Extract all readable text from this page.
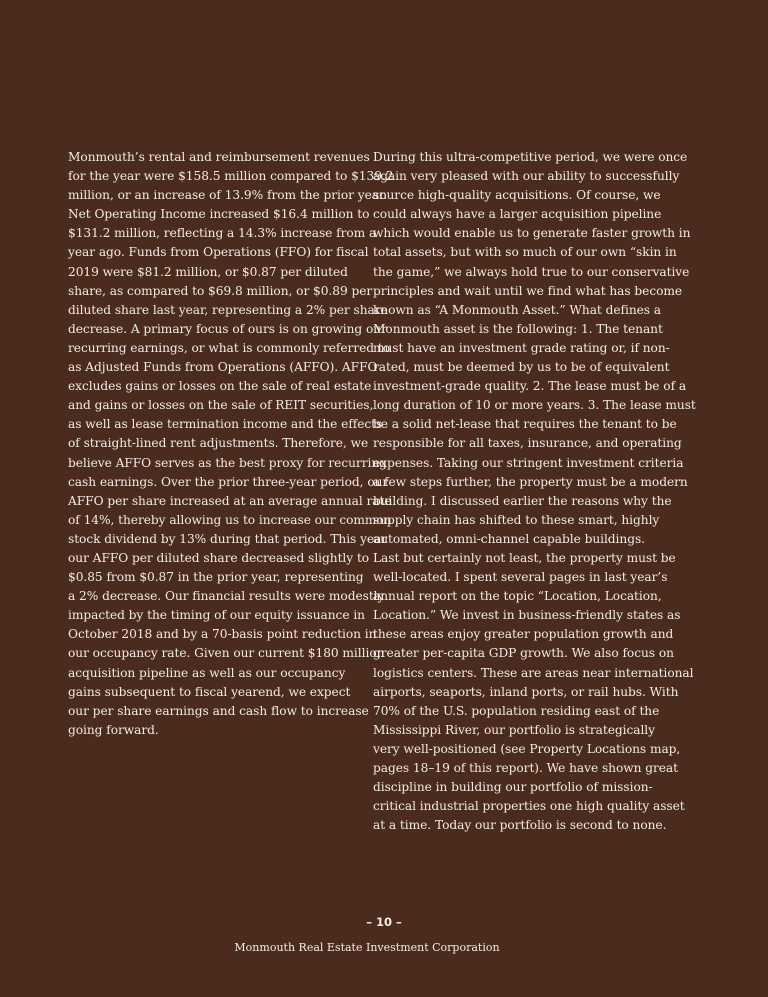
Monmouth’s rental and reimbursement revenues
for the year were $158.5 million compared to $139.2
million, or an increase of 13.9% from the prior year.
Net Operating Income increased $16.4 million to
$131.2 million, reflecting a 14.3% increase from a
year ago. Funds from Operations (FFO) for fiscal
2019 were $81.2 million, or $0.87 per diluted
share, as compared to $69.8 million, or $0.89 per
diluted share last year, representing a 2% per share
decrease. A primary focus of ours is on growing our
recurring earnings, or what is commonly referred to
as Adjusted Funds from Operations (AFFO). AFFO
excludes gains or losses on the sale of real estate
and gains or losses on the sale of REIT securities,
as well as lease termination income and the effects
of straight-lined rent adjustments. Therefore, we
believe AFFO serves as the best proxy for recurring
cash earnings. Over the prior three-year period, our
AFFO per share increased at an average annual rate
of 14%, thereby allowing us to increase our common
stock dividend by 13% during that period. This year
our AFFO per diluted share decreased slightly to
$0.85 from $0.87 in the prior year, representing
a 2% decrease. Our financial results were modestly
impacted by the timing of our equity issuance in
October 2018 and by a 70-basis point reduction in
our occupancy rate. Given our current $180 million
acquisition pipeline as well as our occupancy
gains subsequent to fiscal yearend, we expect
our per share earnings and cash flow to increase
going forward.
During this ultra-competitive period, we were once
again very pleased with our ability to successfully
source high-quality acquisitions. Of course, we
could always have a larger acquisition pipeline
which would enable us to generate faster growth in
total assets, but with so much of our own “skin in
the game,” we always hold true to our conservative
principles and wait until we find what has become
known as “A Monmouth Asset.” What defines a
Monmouth asset is the following: 1. The tenant
must have an investment grade rating or, if non-
rated, must be deemed by us to be of equivalent
investment-grade quality. 2. The lease must be of a
long duration of 10 or more years. 3. The lease must
be a solid net-lease that requires the tenant to be
responsible for all taxes, insurance, and operating
expenses. Taking our stringent investment criteria
a few steps further, the property must be a modern
building. I discussed earlier the reasons why the
supply chain has shifted to these smart, highly
automated, omni-channel capable buildings.
Last but certainly not least, the property must be
well-located. I spent several pages in last year’s
annual report on the topic “Location, Location,
Location.” We invest in business-friendly states as
these areas enjoy greater population growth and
greater per-capita GDP growth. We also focus on
logistics centers. These are areas near international
airports, seaports, inland ports, or rail hubs. With
70% of the U.S. population residing east of the
Mississippi River, our portfolio is strategically
very well-positioned (see Property Locations map,
pages 18–19 of this report). We have shown great
discipline in building our portfolio of mission-
critical industrial properties one high quality asset
at a time. Today our portfolio is second to none.
– 10 –
Monmouth Real Estate Investment Corporation
